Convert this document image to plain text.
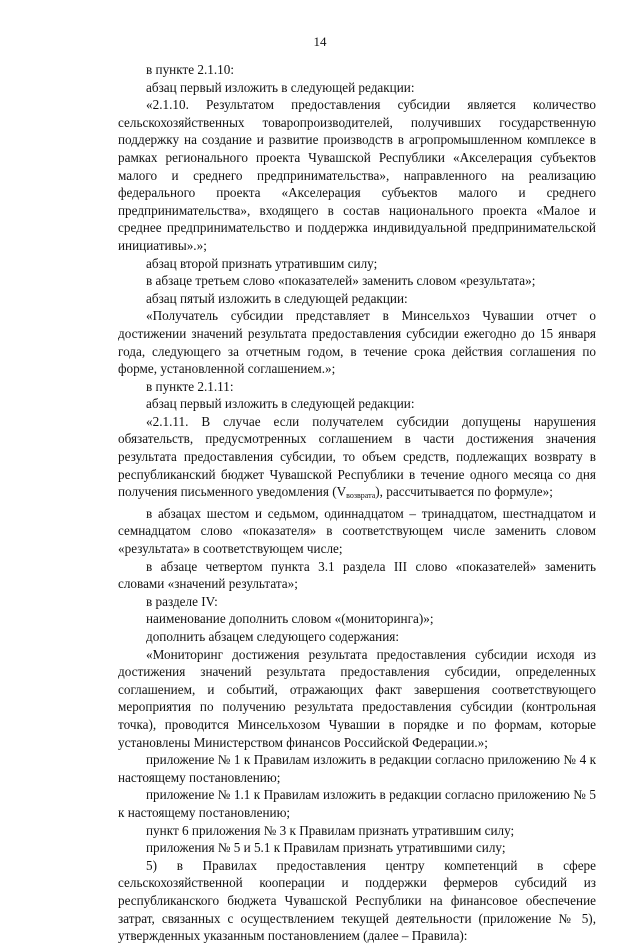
14

в пункте 2.1.10:

абзац первый изложить в следующей редакции:

«2.1.10. Результатом предоставления субсидии является количество сельскохозяйственных товаропроизводителей, получивших государственную поддержку на создание и развитие производств в агропромышленном комплексе в рамках регионального проекта Чувашской Республики «Акселерация субъектов малого и среднего предпринимательства», направленного на реализацию федерального проекта «Акселерация субъектов малого и среднего предпринимательства», входящего в состав национального проекта «Малое и среднее предпринимательство и поддержка индивидуальной предпринимательской инициативы».»;

абзац второй признать утратившим силу;

в абзаце третьем слово «показателей» заменить словом «результата»;

абзац пятый изложить в следующей редакции:

«Получатель субсидии представляет в Минсельхоз Чувашии отчет о достижении значений результата предоставления субсидии ежегодно до 15 января года, следующего за отчетным годом, в течение срока действия соглашения по форме, установленной соглашением.»;

в пункте 2.1.11:

абзац первый изложить в следующей редакции:

«2.1.11. В случае если получателем субсидии допущены нарушения обязательств, предусмотренных соглашением в части достижения значения результата предоставления субсидии, то объем средств, подлежащих возврату в республиканский бюджет Чувашской Республики в течение одного месяца со дня получения письменного уведомления $(V_{возврата})$, рассчитывается по формуле»;

в абзацах шестом и седьмом, одиннадцатом – тринадцатом, шестнадцатом и семнадцатом слово «показателя» в соответствующем числе заменить словом «результата» в соответствующем числе;

в абзаце четвертом пункта 3.1 раздела III слово «показателей» заменить словами «значений результата»;

в разделе IV:

наименование дополнить словом «(мониторинга)»;

дополнить абзацем следующего содержания:

«Мониторинг достижения результата предоставления субсидии исходя из достижения значений результата предоставления субсидии, определенных соглашением, и событий, отражающих факт завершения соответствующего мероприятия по получению результата предоставления субсидии (контрольная точка), проводится Минсельхозом Чувашии в порядке и по формам, которые установлены Министерством финансов Российской Федерации.»;

приложение № 1 к Правилам изложить в редакции согласно приложению № 4 к настоящему постановлению;

приложение № 1.1 к Правилам изложить в редакции согласно приложению № 5 к настоящему постановлению;

пункт 6 приложения № 3 к Правилам признать утратившим силу;

приложения № 5 и 5.1 к Правилам признать утратившими силу;

5) в Правилах предоставления центру компетенций в сфере сельскохозяйственной кооперации и поддержки фермеров субсидий из республиканского бюджета Чувашской Республики на финансовое обеспечение затрат, связанных с осуществлением текущей деятельности (приложение № 5), утвержденных указанным постановлением (далее – Правила):
